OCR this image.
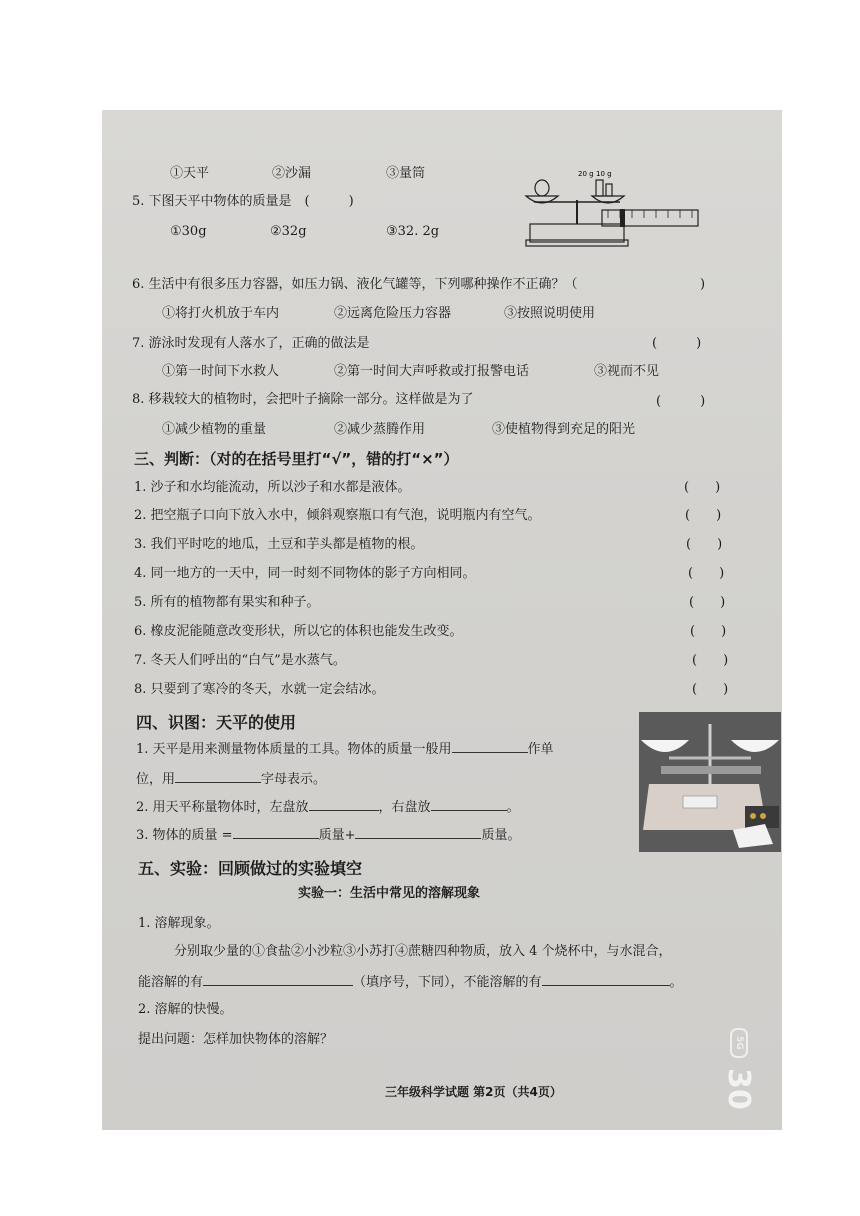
①天平	②沙漏	③量筒
5. 下图天平中物体的质量是　(　　　)
①30g	②32g	③32. 2g
20 g 10 g
6. 生活中有很多压力容器，如压力锅、液化气罐等，下列哪种操作不正确？（	)
①将打火机放于车内	②远离危险压力容器	③按照说明使用
7. 游泳时发现有人落水了，正确的做法是	(　　　)
①第一时间下水救人	②第一时间大声呼救或打报警电话	③视而不见
8. 移栽较大的植物时，会把叶子摘除一部分。这样做是为了	(　　　)
①减少植物的重量	②减少蒸腾作用	③使植物得到充足的阳光
三、判断：（对的在括号里打“√”，错的打“×”）
1. 沙子和水均能流动，所以沙子和水都是液体。	(　　)
2. 把空瓶子口向下放入水中，倾斜观察瓶口有气泡，说明瓶内有空气。	(　　)
3. 我们平时吃的地瓜，土豆和芋头都是植物的根。	(　　)
4. 同一地方的一天中，同一时刻不同物体的影子方向相同。	(　　)
5. 所有的植物都有果实和种子。	(　　)
6. 橡皮泥能随意改变形状，所以它的体积也能发生改变。	(　　)
7. 冬天人们呼出的“白气”是水蒸气。	(　　)
8. 只要到了寒冷的冬天，水就一定会结冰。	(　　)
四、识图：天平的使用
1. 天平是用来测量物体质量的工具。物体的质量一般用	作单
位，用	字母表示。
2. 用天平称量物体时，左盘放	，右盘放	。
3. 物体的质量 =	质量+	质量。
五、实验：回顾做过的实验填空
实验一：生活中常见的溶解现象
1. 溶解现象。
分别取少量的①食盐②小沙粒③小苏打④蔗糖四种物质，放入 4 个烧杯中，与水混合，
能溶解的有	（填序号，下同），不能溶解的有	。
2. 溶解的快慢。
提出问题：怎样加快物体的溶解？
三年级科学试题 第2页（共4页）
5G
30
